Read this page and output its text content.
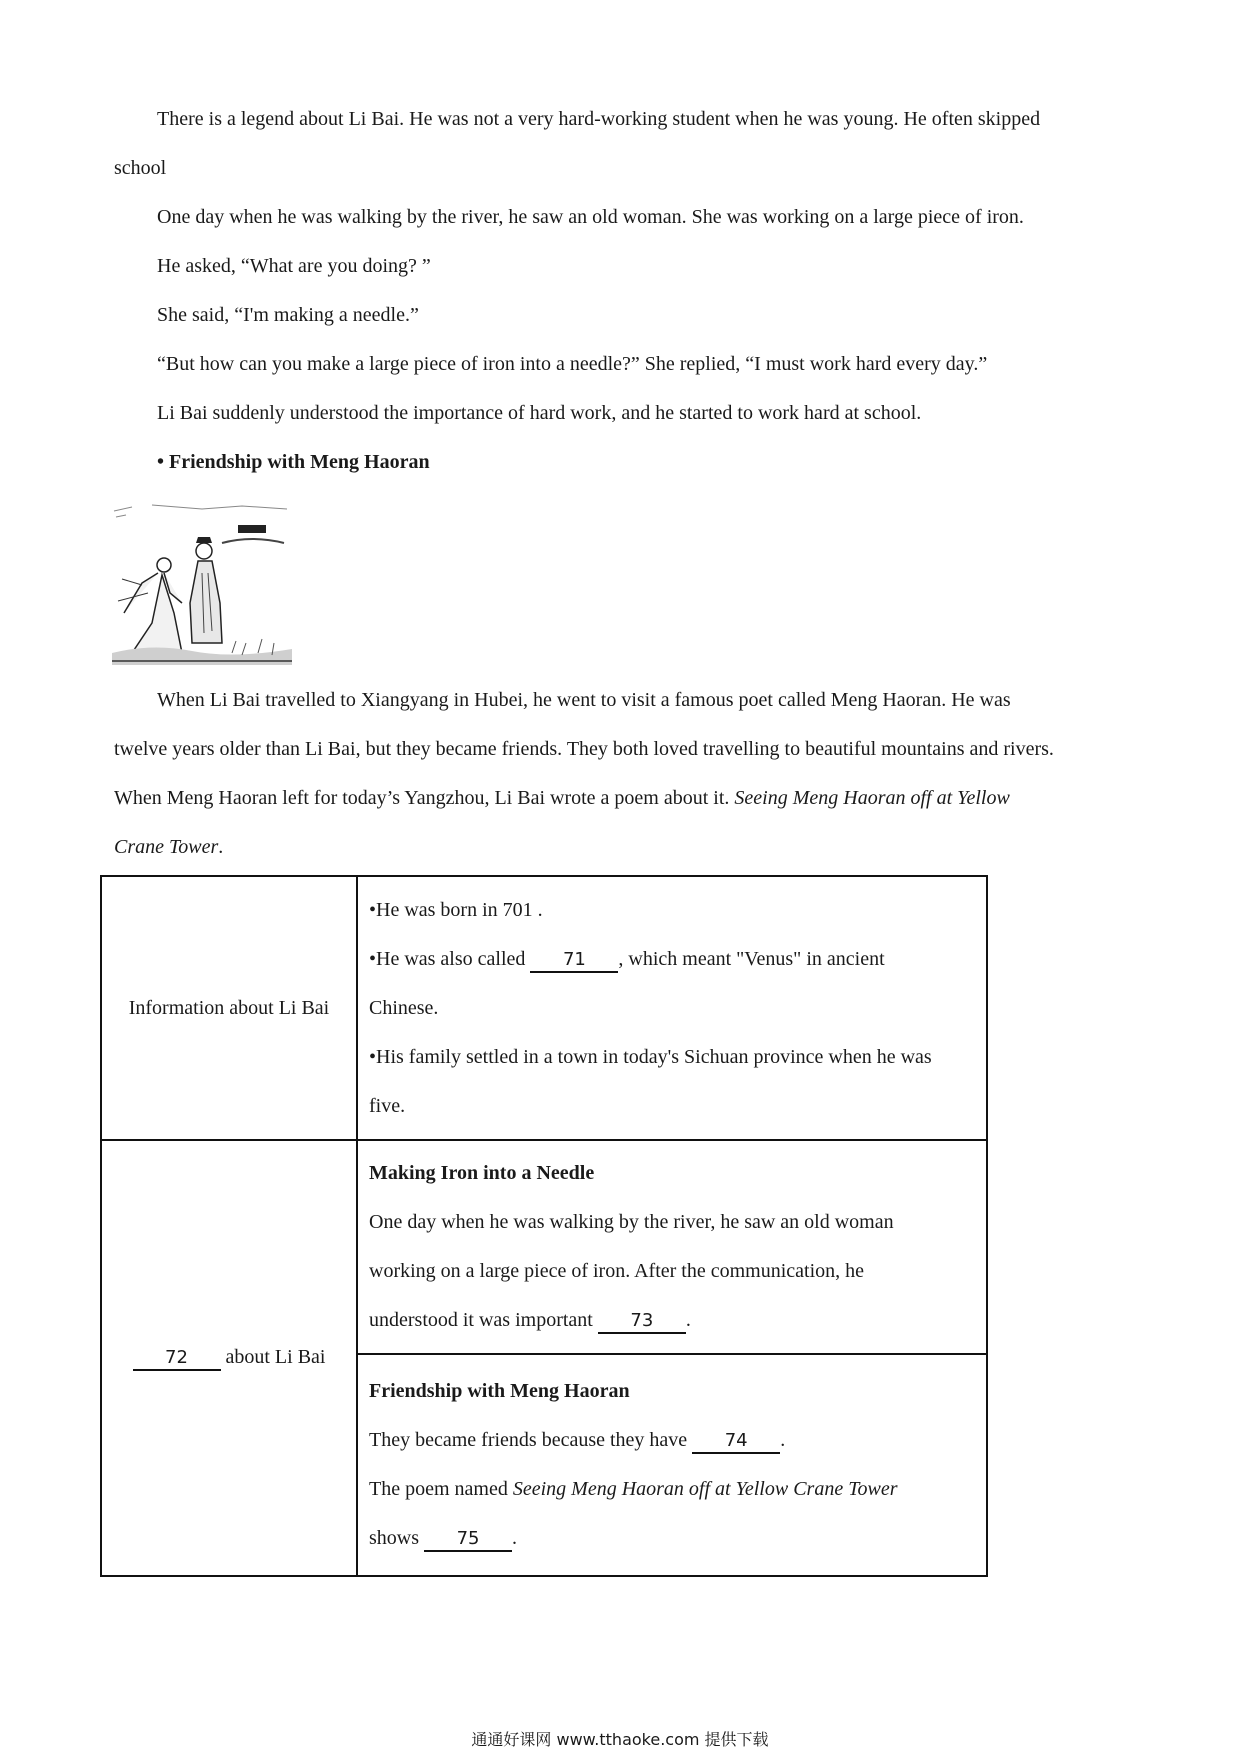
There is a legend about Li Bai. He was not a very hard-working student when he was young. He often skipped

school

One day when he was walking by the river, he saw an old woman. She was working on a large piece of iron.

He asked, “What are you doing? ”

She said, “I'm making a needle.”

“But how can you make a large piece of iron into a needle?” She replied, “I must work hard every day.”

Li Bai suddenly understood the importance of hard work, and he started to work hard at school.

• Friendship with Meng Haoran

When Li Bai travelled to Xiangyang in Hubei, he went to visit a famous poet called Meng Haoran. He was

twelve years older than Li Bai, but they became friends. They both loved travelling to beautiful mountains and rivers.

When Meng Haoran left for today’s Yangzhou, Li Bai wrote a poem about it. Seeing Meng Haoran off at Yellow

Crane Tower.

Information about Li Bai	•He was born in 701 .
•He was also called 71 , which meant "Venus" in ancient
Chinese.
•His family settled in a town in today's Sichuan province when he was
five.

72 about Li Bai	Making Iron into a Needle
One day when he was walking by the river, he saw an old woman
working on a large piece of iron. After the communication, he
understood it was important 73 .

	Friendship with Meng Haoran
They became friends because they have 74 .
The poem named Seeing Meng Haoran off at Yellow Crane Tower
shows 75 .
通通好课网 www.tthaoke.com 提供下载
